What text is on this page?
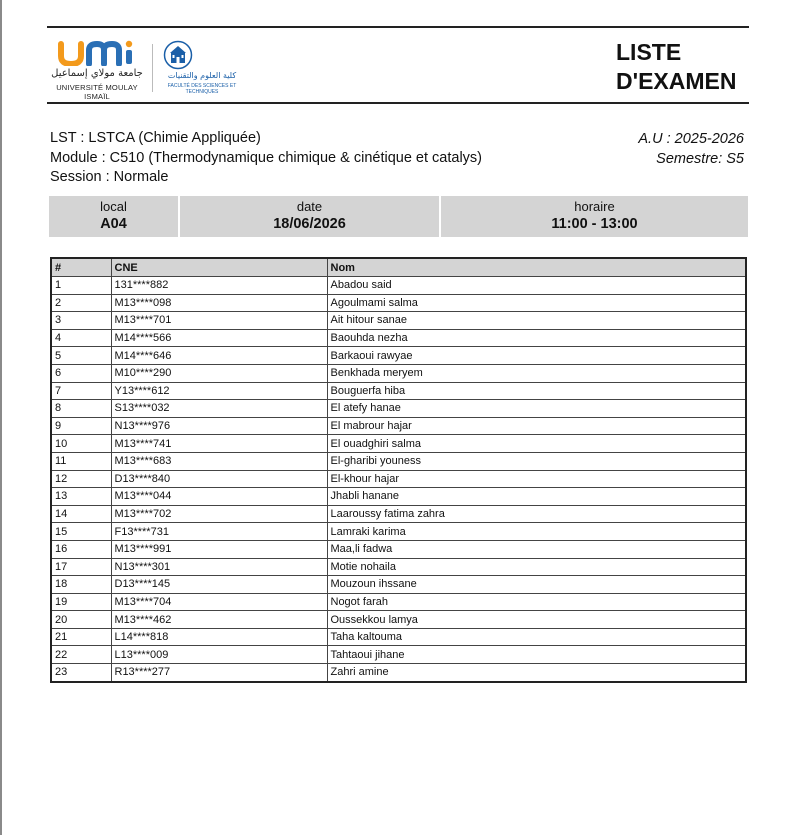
جامعة مولاي إسماعيل
UNIVERSITÉ MOULAY ISMAÏL
كلية العلوم والتقنيات
FACULTÉ DES SCIENCES ET TECHNIQUES
LISTE
D'EXAMEN
LST : LSTCA (Chimie Appliquée)
Module : C510 (Thermodynamique chimique & cinétique et catalys)
Session : Normale
A.U : 2025-2026
Semestre: S5
local
A04
date
18/06/2026
horaire
11:00 - 13:00
#	CNE	Nom
1	131****882	Abadou said
2	M13****098	Agoulmami salma
3	M13****701	Ait hitour sanae
4	M14****566	Baouhda nezha
5	M14****646	Barkaoui rawyae
6	M10****290	Benkhada meryem
7	Y13****612	Bouguerfa hiba
8	S13****032	El atefy hanae
9	N13****976	El mabrour hajar
10	M13****741	El ouadghiri salma
11	M13****683	El-gharibi youness
12	D13****840	El-khour hajar
13	M13****044	Jhabli hanane
14	M13****702	Laaroussy fatima zahra
15	F13****731	Lamraki karima
16	M13****991	Maa,li fadwa
17	N13****301	Motie nohaila
18	D13****145	Mouzoun ihssane
19	M13****704	Nogot farah
20	M13****462	Oussekkou lamya
21	L14****818	Taha kaltouma
22	L13****009	Tahtaoui jihane
23	R13****277	Zahri amine
